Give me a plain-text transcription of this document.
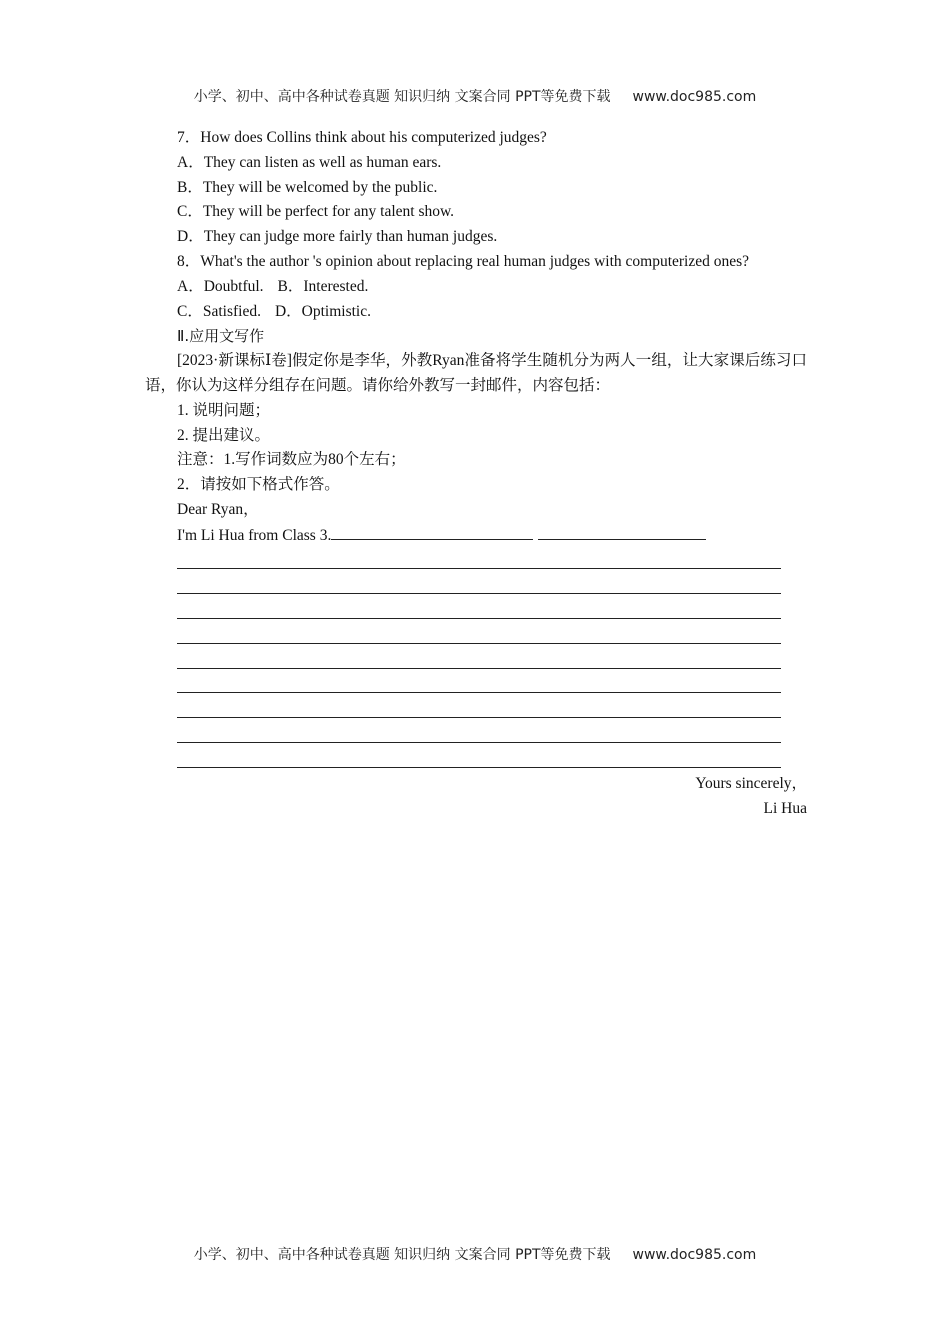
小学、初中、高中各种试卷真题 知识归纳 文案合同 PPT等免费下载 www.doc985.com
7．How does Collins think about his computerized judges?
A．They can listen as well as human ears.
B．They will be welcomed by the public.
C．They will be perfect for any talent show.
D．They can judge more fairly than human judges.
8．What's the author 's opinion about replacing real human judges with computerized ones?
A．Doubtful. B．Interested.
C．Satisfied. D．Optimistic.
Ⅱ.应用文写作
[2023·新课标Ⅰ卷]假定你是李华，外教Ryan准备将学生随机分为两人一组，让大家课后练习口语，你认为这样分组存在问题。请你给外教写一封邮件，内容包括：
1. 说明问题；
2. 提出建议。
注意：1.写作词数应为80个左右；
2．请按如下格式作答。
Dear Ryan，
I'm Li Hua from Class 3.
Yours sincerely，
Li Hua
小学、初中、高中各种试卷真题 知识归纳 文案合同 PPT等免费下载 www.doc985.com
